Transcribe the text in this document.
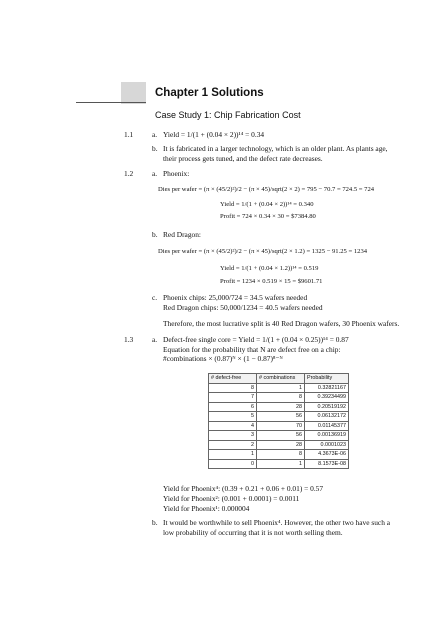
Chapter 1 Solutions
Case Study 1: Chip Fabrication Cost
1.1	a. Yield = 1/(1 + (0.04 × 2))¹⁴ = 0.34
b. It is fabricated in a larger technology, which is an older plant. As plants age,
their process gets tuned, and the defect rate decreases.
1.2	a. Phoenix:
Dies per wafer = (π × (45/2)²)/2 − (π × 45)/sqrt(2 × 2) = 795 − 70.7 = 724.5 = 724
Yield = 1/(1 + (0.04 × 2))¹⁴ = 0.340
Profit = 724 × 0.34 × 30 = $7384.80
b. Red Dragon:
Dies per wafer = (π × (45/2)²)/2 − (π × 45)/sqrt(2 × 1.2) = 1325 − 91.25 = 1234
Yield = 1/(1 + (0.04 × 1.2))¹⁴ = 0.519
Profit = 1234 × 0.519 × 15 = $9601.71
c. Phoenix chips: 25,000/724 = 34.5 wafers needed
Red Dragon chips: 50,000/1234 = 40.5 wafers needed
Therefore, the most lucrative split is 40 Red Dragon wafers, 30 Phoenix wafers.
1.3	a. Defect-free single core = Yield = 1/(1 + (0.04 × 0.25))¹⁴ = 0.87
Equation for the probability that N are defect free on a chip:
#combinations × (0.87)ᴺ × (1 − 0.87)⁸⁻ᴺ
# defect-free	# combinations	Probability
8	1	0.32821167
7	8	0.39234499
6	28	0.20519192
5	56	0.06132172
4	70	0.01145377
3	56	0.00136919
2	28	0.0001023
1	8	4.3673E-06
0	1	8.1573E-08
Yield for Phoenix⁴: (0.39 + 0.21 + 0.06 + 0.01) = 0.57
Yield for Phoenix²: (0.001 + 0.0001) = 0.0011
Yield for Phoenix¹: 0.000004
b. It would be worthwhile to sell Phoenix⁴. However, the other two have such a
low probability of occurring that it is not worth selling them.
